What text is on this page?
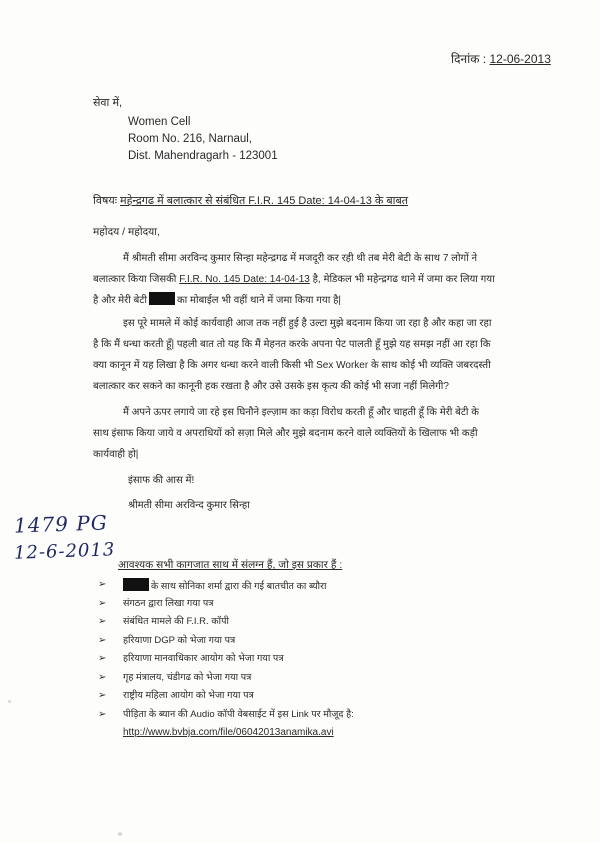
दिनांक : 12-06-2013
सेवा में,
Women Cell
Room No. 216, Narnaul,
Dist. Mahendragarh - 123001
विषयः महेन्द्रगढ में बलात्कार से संबंधित F.I.R. 145 Date: 14-04-13 के बाबत
महोदय / महोदया,
मैं श्रीमती सीमा अरविन्द कुमार सिन्हा महेन्द्रगढ में मजदूरी कर रही थी तब मेरी बेटी के साथ 7 लोगों ने
बलात्कार किया जिसकी F.I.R. No. 145 Date: 14-04-13 है, मेडिकल भी महेन्द्रगढ थाने में जमा कर लिया गया
है और मेरी बेटी	का मोबाईल भी वहीं थाने में जमा किया गया है|
इस पूरे मामले में कोई कार्यवाही आज तक नहीं हुई है उल्टा मुझे बदनाम किया जा रहा है और कहा जा रहा
है कि मैं धन्धा करती हूँ| पहली बात तो यह कि मैं मेहनत करके अपना पेट पालती हूँ मुझे यह समझ नहीं आ रहा कि
क्या कानून में यह लिखा है कि अगर धन्धा करने वाली किसी भी Sex Worker के साथ कोई भी व्यक्ति जबरदस्ती
बलात्कार कर सकने का कानूनी हक रखता है और उसे उसके इस कृत्य की कोई भी सजा नहीं मिलेगी?
मैं अपने ऊपर लगाये जा रहे इस घिनौने इल्ज़ाम का कड़ा विरोध करती हूँ और चाहती हूँ कि मेरी बेटी के
साथ इंसाफ किया जाये व अपराधियों को सज़ा मिले और मुझे बदनाम करने वाले व्यक्तियों के खिलाफ भी कड़ी
कार्यवाही हो|
इंसाफ की आस में!
श्रीमती सीमा अरविन्द कुमार सिन्हा
1479 PG
12-6-2013
आवश्यक सभी कागजात साथ में संलग्न हैं, जो इस प्रकार हैं :
➢	के साथ सोनिका शर्मा द्वारा की गई बातचीत का ब्यौरा
➢ संगठन द्वारा लिखा गया पत्र
➢ संबंधित मामले की F.I.R. कॉपी
➢ हरियाणा DGP को भेजा गया पत्र
➢ हरियाणा मानवाधिकार आयोग को भेजा गया पत्र
➢ गृह मंत्रालय, चंडीगढ को भेजा गया पत्र
➢ राष्ट्रीय महिला आयोग को भेजा गया पत्र
➢ पीड़िता के ब्यान की Audio कॉपी वेबसाईट में इस Link पर मौजूद है:
http://www.bvbja.com/file/06042013anamika.avi
